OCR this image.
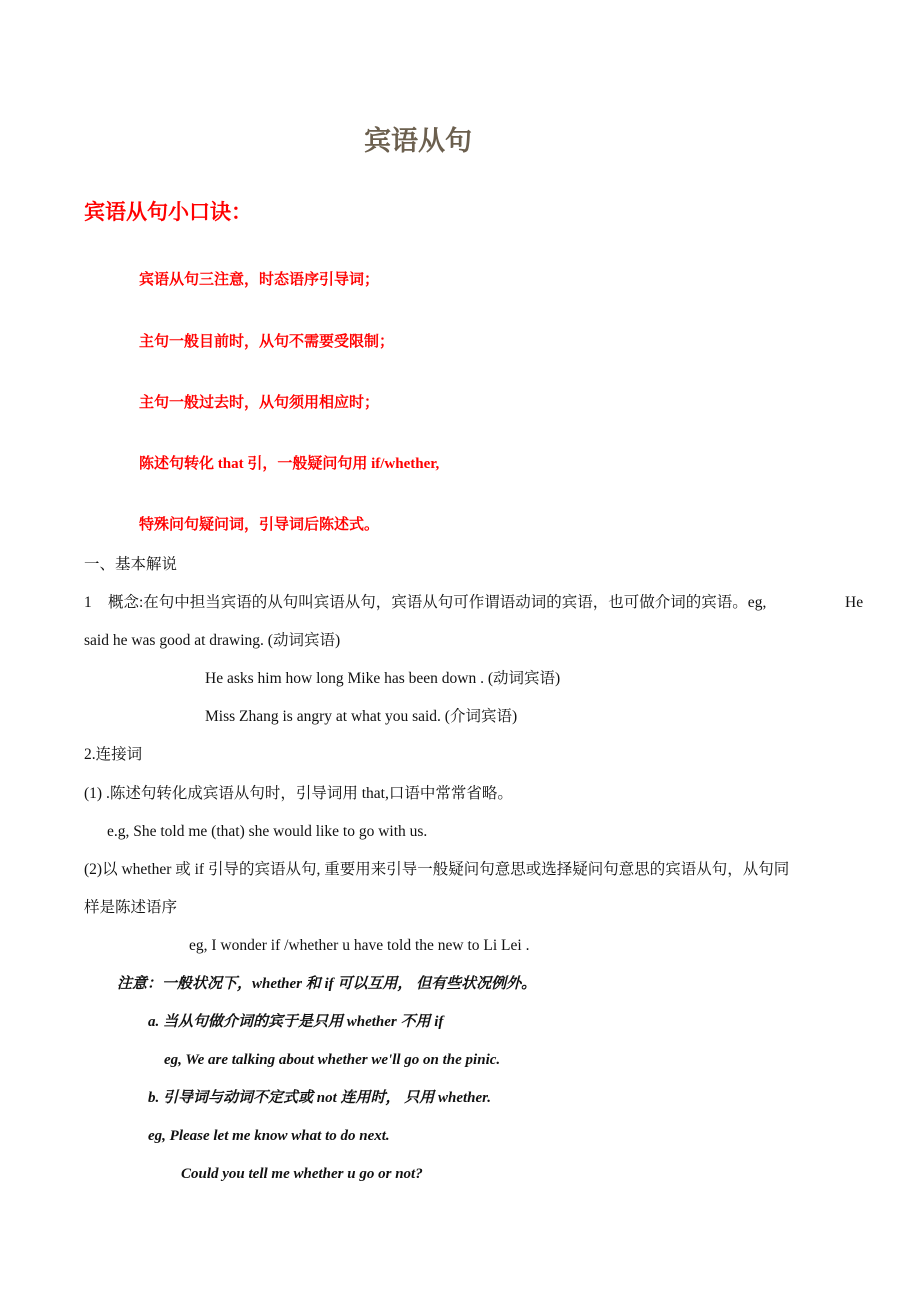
宾语从句
宾语从句小口诀：
宾语从句三注意，时态语序引导词；
主句一般目前时，从句不需要受限制；
主句一般过去时，从句须用相应时；
陈述句转化 that 引，一般疑问句用 if/whether,
特殊问句疑问词，引导词后陈述式。
一、基本解说
1 概念:在句中担当宾语的从句叫宾语从句，宾语从句可作谓语动词的宾语，也可做介词的宾语。eg,	He
said he was good at drawing. (动词宾语)
He asks him how long Mike has been down . (动词宾语)
Miss Zhang is angry at what you said. (介词宾语)
2.连接词
(1) .陈述句转化成宾语从句时，引导词用 that,口语中常常省略。
e.g, She told me (that) she would like to go with us.
(2)以 whether 或 if 引导的宾语从句, 重要用来引导一般疑问句意思或选择疑问句意思的宾语从句，从句同
样是陈述语序
eg, I wonder if /whether u have told the new to Li Lei .
注意：一般状况下，whether 和 if 可以互用， 但有些状况例外。
a. 当从句做介词的宾于是只用 whether 不用 if
eg, We are talking about whether we'll go on the pinic.
b. 引导词与动词不定式或 not 连用时， 只用 whether.
eg, Please let me know what to do next.
Could you tell me whether u go or not?
